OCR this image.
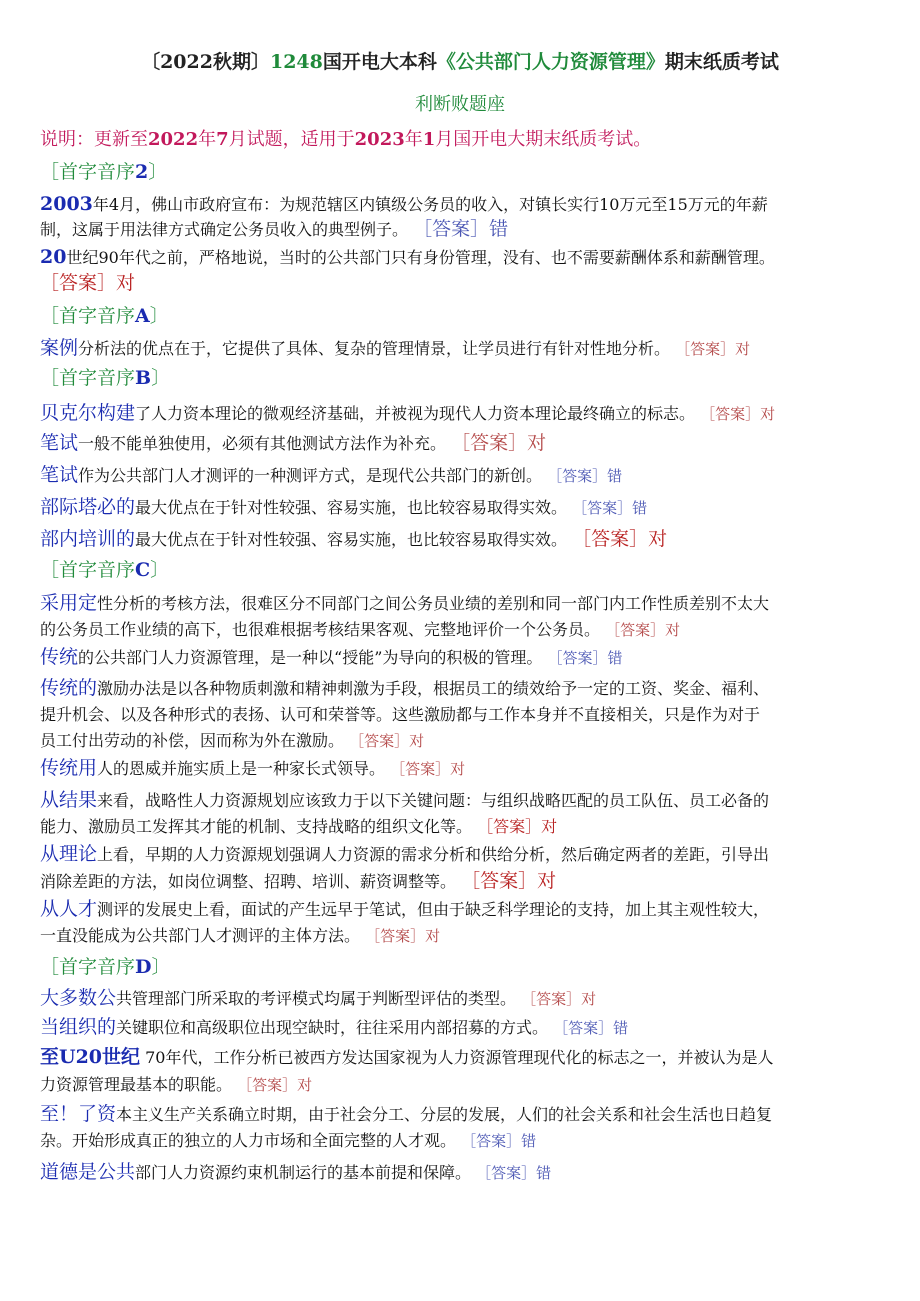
〔2022秋期〕1248国开电大本科《公共部门人力资源管理》期末纸质考试
利断败题座
说明：更新至2022年7月试题，适用于2023年1月国开电大期末纸质考试。
［首字音序2〕
2003年4月，佛山市政府宣布：为规范辖区内镇级公务员的收入，对镇长实行10万元至15万元的年薪
制，这属于用法律方式确定公务员收入的典型例子。 ［答案］错
20世纪90年代之前，严格地说，当时的公共部门只有身份管理，没有、也不需要薪酬体系和薪酬管理。
［答案］对
［首字音序A〕
案例分析法的优点在于，它提供了具体、复杂的管理情景，让学员进行有针对性地分析。 ［答案］对
［首字音序B〕
贝克尔构建了人力资本理论的微观经济基础，并被视为现代人力资本理论最终确立的标志。 ［答案］对
笔试一般不能单独使用，必须有其他测试方法作为补充。 ［答案］对
笔试作为公共部门人才测评的一种测评方式，是现代公共部门的新创。 ［答案］错
部际塔必的最大优点在于针对性较强、容易实施，也比较容易取得实效。 ［答案］错
部内培训的最大优点在于针对性较强、容易实施，也比较容易取得实效。 ［答案］对
［首字音序C〕
采用定性分析的考核方法，很难区分不同部门之间公务员业绩的差别和同一部门内工作性质差别不太大
的公务员工作业绩的高下，也很难根据考核结果客观、完整地评价一个公务员。 ［答案］对
传统的公共部门人力资源管理，是一种以“授能”为导向的积极的管理。 ［答案］错
传统的激励办法是以各种物质刺激和精神刺激为手段，根据员工的绩效给予一定的工资、奖金、福利、
提升机会、以及各种形式的表扬、认可和荣誉等。这些激励都与工作本身并不直接相关，只是作为对于
员工付出劳动的补偿，因而称为外在激励。 ［答案］对
传统用人的恩威并施实质上是一种家长式领导。 ［答案］对
从结果来看，战略性人力资源规划应该致力于以下关键问题：与组织战略匹配的员工队伍、员工必备的
能力、激励员工发挥其才能的机制、支持战略的组织文化等。 ［答案］对
从理论上看，早期的人力资源规划强调人力资源的需求分析和供给分析，然后确定两者的差距，引导出
消除差距的方法，如岗位调整、招聘、培训、薪资调整等。 ［答案］对
从人才测评的发展史上看，面试的产生远早于笔试，但由于缺乏科学理论的支持，加上其主观性较大，
一直没能成为公共部门人才测评的主体方法。 ［答案］对
［首字音序D〕
大多数公共管理部门所采取的考评模式均属于判断型评估的类型。 ［答案］对
当组织的关键职位和高级职位出现空缺时，往往采用内部招募的方式。 ［答案］错
至U20世纪 70年代，工作分析已被西方发达国家视为人力资源管理现代化的标志之一，并被认为是人
力资源管理最基本的职能。 ［答案］对
至！了资本主义生产关系确立时期，由于社会分工、分层的发展，人们的社会关系和社会生活也日趋复
杂。开始形成真正的独立的人力市场和全面完整的人才观。 ［答案］错
道德是公共部门人力资源约束机制运行的基本前提和保障。 ［答案］错
